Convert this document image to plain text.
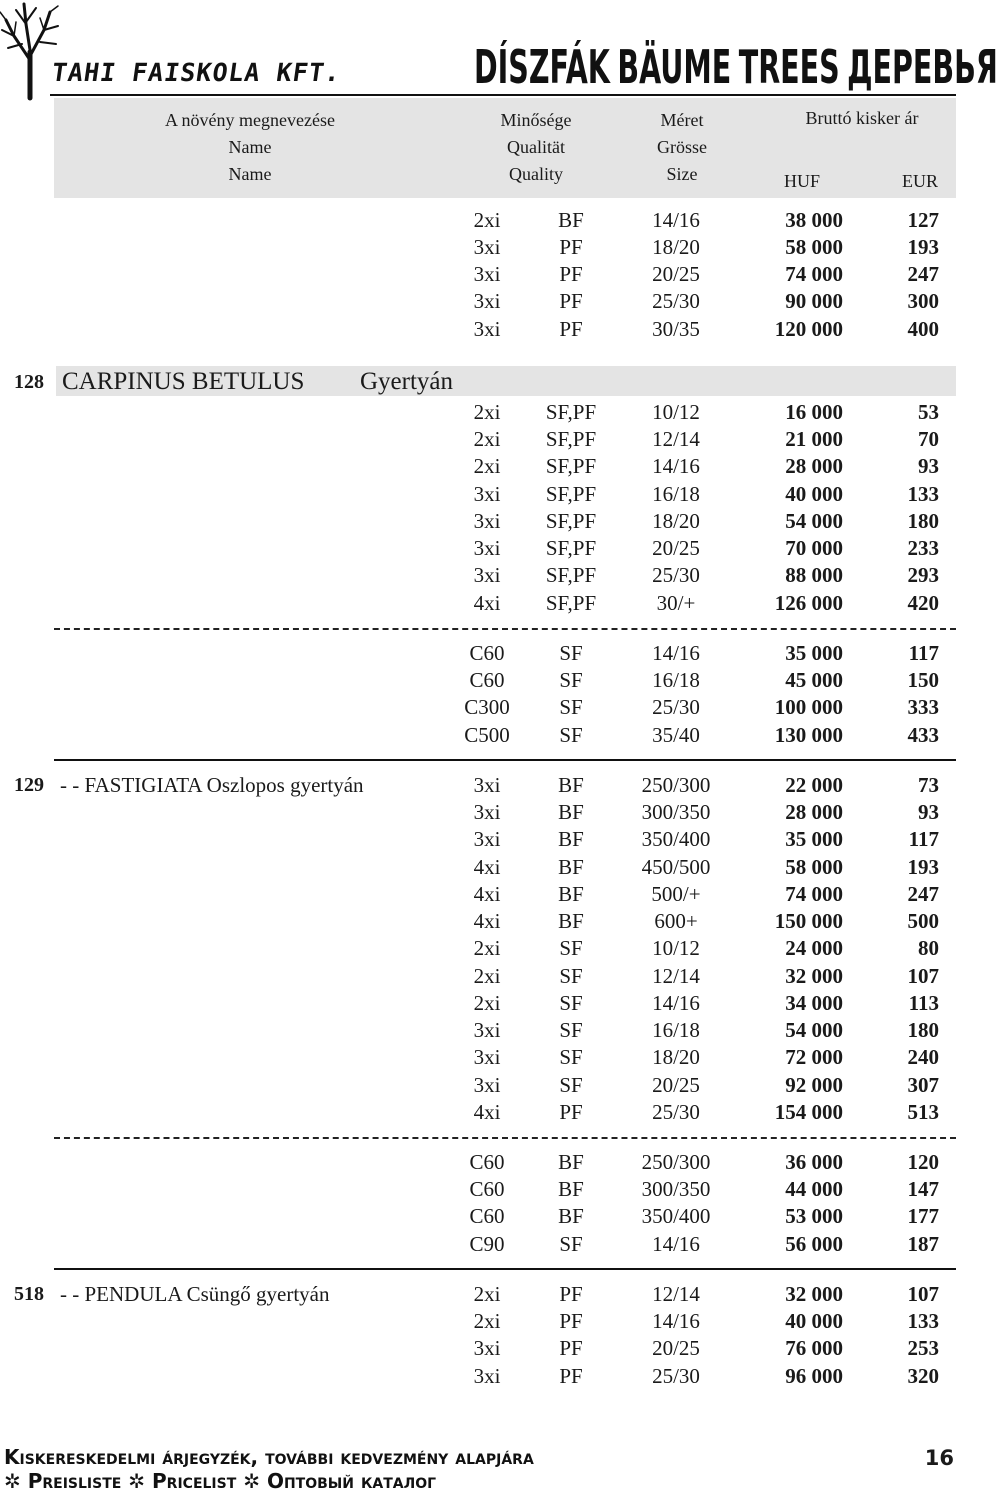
TAHI FAISKOLA KFT.	DÍSZFÁK BÄUME TREES ДЕРЕВЬЯ
A növény megnevezése
Name
Name
Minősége
Qualität
Quality
Méret
Grösse
Size
Bruttó kisker ár
HUF	EUR
2xi	BF	14/16	38 000	127
3xi	PF	18/20	58 000	193
3xi	PF	20/25	74 000	247
3xi	PF	25/30	90 000	300
3xi	PF	30/35	120 000	400
128 CARPINUS BETULUS Gyertyán
2xi	SF,PF	10/12	16 000	53
2xi	SF,PF	12/14	21 000	70
2xi	SF,PF	14/16	28 000	93
3xi	SF,PF	16/18	40 000	133
3xi	SF,PF	18/20	54 000	180
3xi	SF,PF	20/25	70 000	233
3xi	SF,PF	25/30	88 000	293
4xi	SF,PF	30/+	126 000	420
C60	SF	14/16	35 000	117
C60	SF	16/18	45 000	150
C300	SF	25/30	100 000	333
C500	SF	35/40	130 000	433
129 - - FASTIGIATA Oszlopos gyertyán	3xi	BF	250/300	22 000	73
3xi	BF	300/350	28 000	93
3xi	BF	350/400	35 000	117
4xi	BF	450/500	58 000	193
4xi	BF	500/+	74 000	247
4xi	BF	600+	150 000	500
2xi	SF	10/12	24 000	80
2xi	SF	12/14	32 000	107
2xi	SF	14/16	34 000	113
3xi	SF	16/18	54 000	180
3xi	SF	18/20	72 000	240
3xi	SF	20/25	92 000	307
4xi	PF	25/30	154 000	513
C60	BF	250/300	36 000	120
C60	BF	300/350	44 000	147
C60	BF	350/400	53 000	177
C90	SF	14/16	56 000	187
518 - - PENDULA Csüngő gyertyán	2xi	PF	12/14	32 000	107
2xi	PF	14/16	40 000	133
3xi	PF	20/25	76 000	253
3xi	PF	25/30	96 000	320
Kiskereskedelmi árjegyzék, további kedvezmény alapjára
✲ Preisliste ✲ Pricelist ✲ Оптовый каталог
16
